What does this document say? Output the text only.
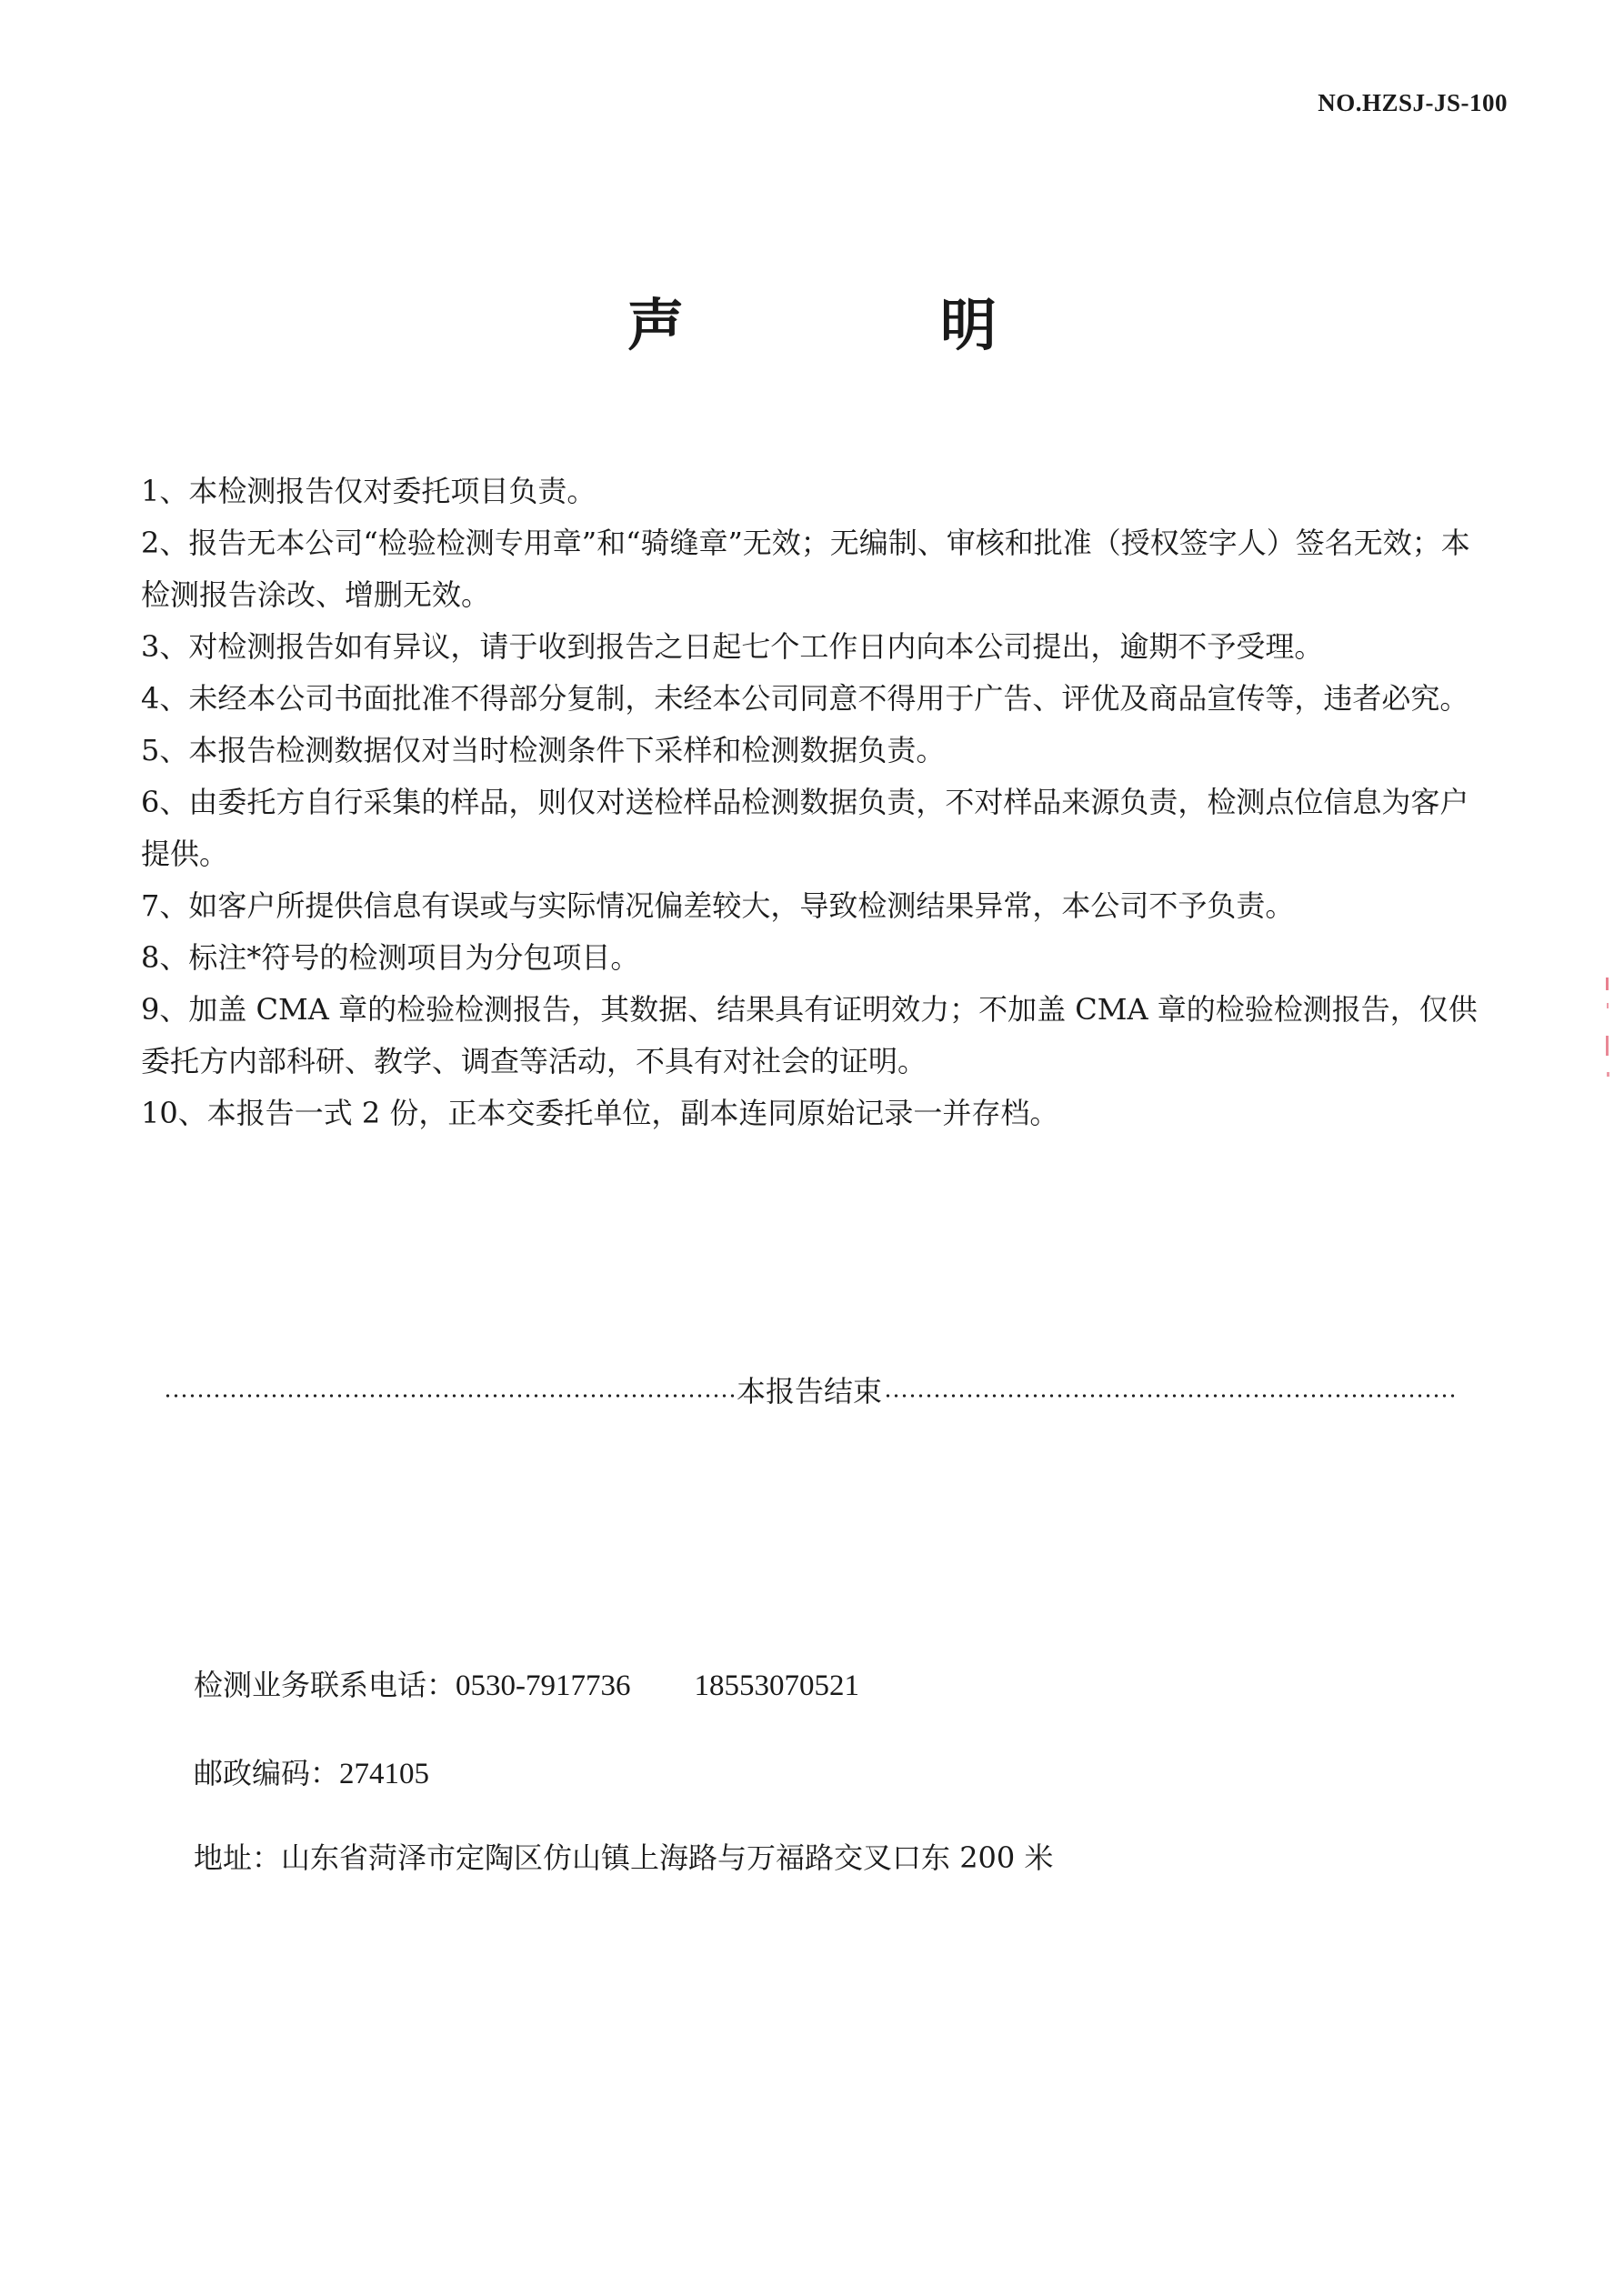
NO.HZSJ-JS-100
声　明
1、本检测报告仅对委托项目负责。
2、报告无本公司“检验检测专用章”和“骑缝章”无效；无编制、审核和批准（授权签字人）签名无效；本检测报告涂改、增删无效。
3、对检测报告如有异议，请于收到报告之日起七个工作日内向本公司提出，逾期不予受理。
4、未经本公司书面批准不得部分复制，未经本公司同意不得用于广告、评优及商品宣传等，违者必究。
5、本报告检测数据仅对当时检测条件下采样和检测数据负责。
6、由委托方自行采集的样品，则仅对送检样品检测数据负责，不对样品来源负责，检测点位信息为客户提供。
7、如客户所提供信息有误或与实际情况偏差较大，导致检测结果异常，本公司不予负责。
8、标注*符号的检测项目为分包项目。
9、加盖 CMA 章的检验检测报告，其数据、结果具有证明效力；不加盖 CMA 章的检验检测报告，仅供委托方内部科研、教学、调查等活动，不具有对社会的证明。
10、本报告一式 2 份，正本交委托单位，副本连同原始记录一并存档。
本报告结束
检测业务联系电话：0530-7917736 18553070521
邮政编码：274105
地址：山东省菏泽市定陶区仿山镇上海路与万福路交叉口东 200 米
